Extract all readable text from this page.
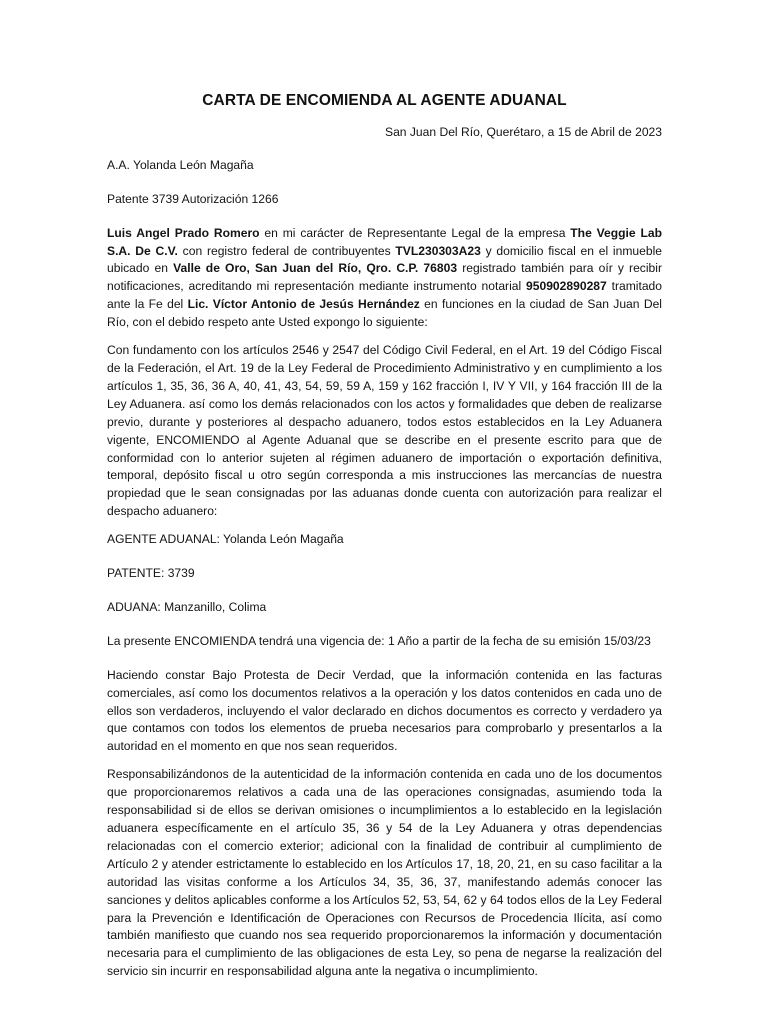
CARTA DE ENCOMIENDA AL AGENTE ADUANAL
San Juan Del Río, Querétaro, a 15 de Abril de 2023

A.A. Yolanda León Magaña

Patente 3739 Autorización 1266

Luis Angel Prado Romero en mi carácter de Representante Legal de la empresa The Veggie Lab S.A. De C.V. con registro federal de contribuyentes TVL230303A23 y domicilio fiscal en el inmueble ubicado en Valle de Oro, San Juan del Río, Qro. C.P. 76803 registrado también para oír y recibir notificaciones, acreditando mi representación mediante instrumento notarial 950902890287 tramitado ante la Fe del Lic. Víctor Antonio de Jesús Hernández en funciones en la ciudad de San Juan Del Río, con el debido respeto ante Usted expongo lo siguiente:

Con fundamento con los artículos 2546 y 2547 del Código Civil Federal, en el Art. 19 del Código Fiscal de la Federación, el Art. 19 de la Ley Federal de Procedimiento Administrativo y en cumplimiento a los artículos 1, 35, 36, 36 A, 40, 41, 43, 54, 59, 59 A, 159 y 162 fracción I, IV Y VII, y 164 fracción III de la Ley Aduanera. así como los demás relacionados con los actos y formalidades que deben de realizarse previo, durante y posteriores al despacho aduanero, todos estos establecidos en la Ley Aduanera vigente, ENCOMIENDO al Agente Aduanal que se describe en el presente escrito para que de conformidad con lo anterior sujeten al régimen aduanero de importación o exportación definitiva, temporal, depósito fiscal u otro según corresponda a mis instrucciones las mercancías de nuestra propiedad que le sean consignadas por las aduanas donde cuenta con autorización para realizar el despacho aduanero:

AGENTE ADUANAL: Yolanda León Magaña

PATENTE: 3739

ADUANA: Manzanillo, Colima

La presente ENCOMIENDA tendrá una vigencia de: 1 Año a partir de la fecha de su emisión 15/03/23

Haciendo constar Bajo Protesta de Decir Verdad, que la información contenida en las facturas comerciales, así como los documentos relativos a la operación y los datos contenidos en cada uno de ellos son verdaderos, incluyendo el valor declarado en dichos documentos es correcto y verdadero ya que contamos con todos los elementos de prueba necesarios para comprobarlo y presentarlos a la autoridad en el momento en que nos sean requeridos.

Responsabilizándonos de la autenticidad de la información contenida en cada uno de los documentos que proporcionaremos relativos a cada una de las operaciones consignadas, asumiendo toda la responsabilidad si de ellos se derivan omisiones o incumplimientos a lo establecido en la legislación aduanera específicamente en el artículo 35, 36 y 54 de la Ley Aduanera y otras dependencias relacionadas con el comercio exterior; adicional con la finalidad de contribuir al cumplimiento de Artículo 2 y atender estrictamente lo establecido en los Artículos 17, 18, 20, 21, en su caso facilitar a la autoridad las visitas conforme a los Artículos 34, 35, 36, 37, manifestando además conocer las sanciones y delitos aplicables conforme a los Artículos 52, 53, 54, 62 y 64 todos ellos de la Ley Federal para la Prevención e Identificación de Operaciones con Recursos de Procedencia Ilícita, así como también manifiesto que cuando nos sea requerido proporcionaremos la información y documentación necesaria para el cumplimiento de las obligaciones de esta Ley, so pena de negarse la realización del servicio sin incurrir en responsabilidad alguna ante la negativa o incumplimiento.
